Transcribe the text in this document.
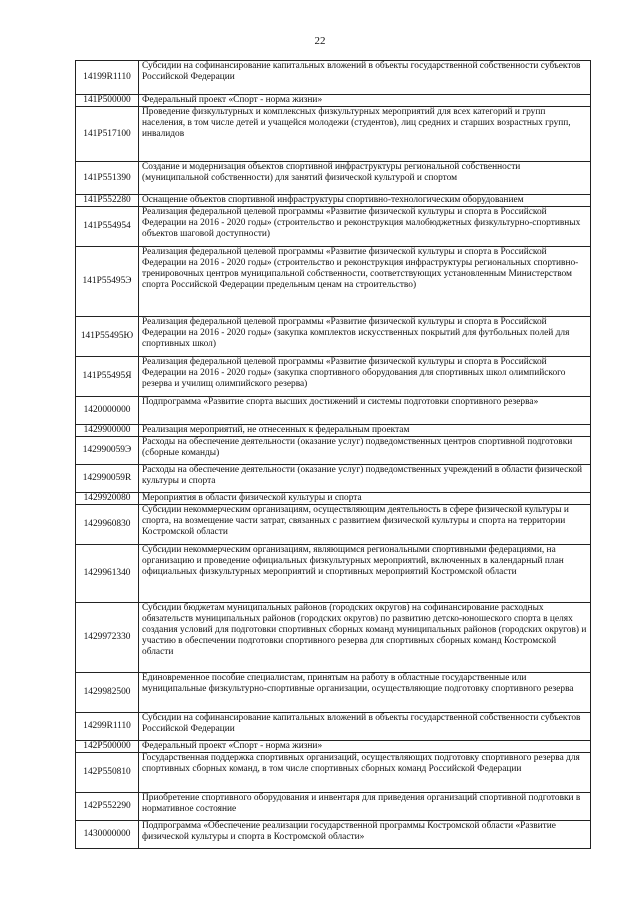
22
14199R1110	Субсидии на софинансирование капитальных вложений в объекты государственной собственности субъектов Российской Федерации
141P500000	Федеральный проект «Спорт - норма жизни»
141P517100	Проведение физкультурных и комплексных физкультурных мероприятий для всех категорий и групп населения, в том числе детей и учащейся молодежи (студентов), лиц средних и старших возрастных групп, инвалидов
141P551390	Создание и модернизация объектов спортивной инфраструктуры региональной собственности (муниципальной собственности) для занятий физической культурой и спортом
141P552280	Оснащение объектов спортивной инфраструктуры спортивно-технологическим оборудованием
141P554954	Реализация федеральной целевой программы «Развитие физической культуры и спорта в Российской Федерации на 2016 - 2020 годы» (строительство и реконструкция малобюджетных физкультурно-спортивных объектов шаговой доступности)
141P55495Э	Реализация федеральной целевой программы «Развитие физической культуры и спорта в Российской Федерации на 2016 - 2020 годы» (строительство и реконструкция инфраструктуры региональных спортивно-тренировочных центров муниципальной собственности, соответствующих установленным Министерством спорта Российской Федерации предельным ценам на строительство)
141P55495Ю	Реализация федеральной целевой программы «Развитие физической культуры и спорта в Российской Федерации на 2016 - 2020 годы» (закупка комплектов искусственных покрытий для футбольных полей для спортивных школ)
141P55495Я	Реализация федеральной целевой программы «Развитие физической культуры и спорта в Российской Федерации на 2016 - 2020 годы» (закупка спортивного оборудования для спортивных школ олимпийского резерва и училищ олимпийского резерва)
1420000000	Подпрограмма «Развитие спорта высших достижений и системы подготовки спортивного резерва»
1429900000	Реализация мероприятий, не отнесенных к федеральным проектам
142990059Э	Расходы на обеспечение деятельности (оказание услуг) подведомственных центров спортивной подготовки (сборные команды)
142990059R	Расходы на обеспечение деятельности (оказание услуг) подведомственных учреждений в области физической культуры и спорта
1429920080	Мероприятия в области физической культуры и спорта
1429960830	Субсидии некоммерческим организациям, осуществляющим деятельность в сфере физической культуры и спорта, на возмещение части затрат, связанных с развитием физической культуры и спорта на территории Костромской области
1429961340	Субсидии некоммерческим организациям, являющимся региональными спортивными федерациями, на организацию и проведение официальных физкультурных мероприятий, включенных в календарный план официальных физкультурных мероприятий и спортивных мероприятий Костромской области
1429972330	Субсидии бюджетам муниципальных районов (городских округов) на софинансирование расходных обязательств муниципальных районов (городских округов) по развитию детско-юношеского спорта в целях создания условий для подготовки спортивных сборных команд муниципальных районов (городских округов) и участию в обеспечении подготовки спортивного резерва для спортивных сборных команд Костромской области
1429982500	Единовременное пособие специалистам, принятым на работу в областные государственные или муниципальные физкультурно-спортивные организации, осуществляющие подготовку спортивного резерва
14299R1110	Субсидии на софинансирование капитальных вложений в объекты государственной собственности субъектов Российской Федерации
142P500000	Федеральный проект «Спорт - норма жизни»
142P550810	Государственная поддержка спортивных организаций, осуществляющих подготовку спортивного резерва для спортивных сборных команд, в том числе спортивных сборных команд Российской Федерации
142P552290	Приобретение спортивного оборудования и инвентаря для приведения организаций спортивной подготовки в нормативное состояние
1430000000	Подпрограмма «Обеспечение реализации государственной программы Костромской области «Развитие физической культуры и спорта в Костромской области»
